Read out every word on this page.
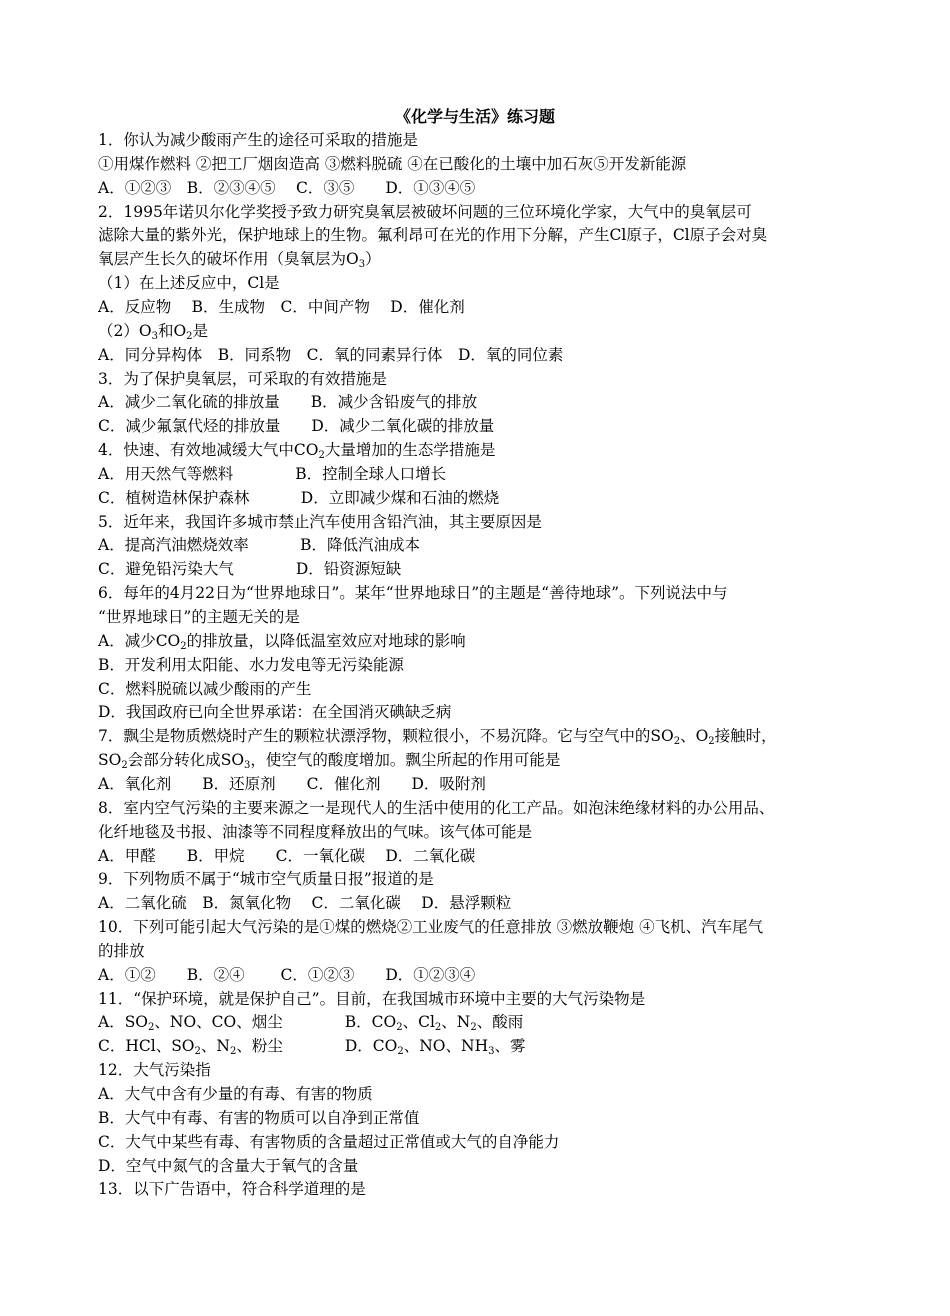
《化学与生活》练习题
1．你认为减少酸雨产生的途径可采取的措施是
①用煤作燃料 ②把工厂烟囱造高 ③燃料脱硫 ④在已酸化的土壤中加石灰⑤开发新能源
A．①②③　B．②③④⑤　 C．③⑤　　D．①③④⑤
2．1995年诺贝尔化学奖授予致力研究臭氧层被破坏问题的三位环境化学家，大气中的臭氧层可
滤除大量的紫外光，保护地球上的生物。氟利昂可在光的作用下分解，产生Cl原子，Cl原子会对臭
氧层产生长久的破坏作用（臭氧层为$O_3$）
（1）在上述反应中，Cl是
A．反应物　 B．生成物　C．中间产物　 D．催化剂
$(2)O_3$和$O_2$是
A．同分异构体　B．同系物　C．氧的同素异行体　D．氧的同位素
3．为了保护臭氧层，可采取的有效措施是
A．减少二氧化硫的排放量　　B．减少含铅废气的排放
C．减少氟氯代烃的排放量　　D．减少二氧化碳的排放量
4．快速、有效地减缓大气中$CO_2$大量增加的生态学措施是
A．用天然气等燃料　　　　B．控制全球人口增长
C．植树造林保护森林　　　 D．立即减少煤和石油的燃烧
5．近年来，我国许多城市禁止汽车使用含铅汽油，其主要原因是
A．提高汽油燃烧效率　　　 B．降低汽油成本
C．避免铅污染大气　　　　D．铅资源短缺
6．每年的4月22日为“世界地球日”。某年“世界地球日”的主题是“善待地球”。下列说法中与
“世界地球日”的主题无关的是
A．减少$CO_2$的排放量，以降低温室效应对地球的影响
B．开发利用太阳能、水力发电等无污染能源
C．燃料脱硫以减少酸雨的产生
D．我国政府已向全世界承诺：在全国消灭碘缺乏病
7．飘尘是物质燃烧时产生的颗粒状漂浮物，颗粒很小，不易沉降。它与空气中的$SO_2$、$O_2$接触时，
$SO_2$会部分转化成$SO_3$，使空气的酸度增加。飘尘所起的作用可能是
A．氧化剂　　B．还原剂　　C．催化剂　　D．吸附剂
8．室内空气污染的主要来源之一是现代人的生活中使用的化工产品。如泡沫绝缘材料的办公用品、
化纤地毯及书报、油漆等不同程度释放出的气味。该气体可能是
A．甲醛　　B．甲烷　　C．一氧化碳　 D．二氧化碳
9．下列物质不属于“城市空气质量日报”报道的是
A．二氧化硫　B．氮氧化物　 C．二氧化碳　 D．悬浮颗粒
10．下列可能引起大气污染的是①煤的燃烧②工业废气的任意排放 ③燃放鞭炮 ④飞机、汽车尾气
的排放
A．①②　　B．②④　　 C．①②③　　D．①②③④
11．“保护环境，就是保护自己”。目前，在我国城市环境中主要的大气污染物是
A．$SO_2$、NO、CO、烟尘　　　　B．$CO_2$、$Cl_2$、$N_2$、酸雨
C．HCl、$SO_2$、$N_2$、粉尘　　　　D．$CO_2$、NO、$NH_3$、雾
12．大气污染指
A．大气中含有少量的有毒、有害的物质
B．大气中有毒、有害的物质可以自净到正常值
C．大气中某些有毒、有害物质的含量超过正常值或大气的自净能力
D．空气中氮气的含量大于氧气的含量
13．以下广告语中，符合科学道理的是
